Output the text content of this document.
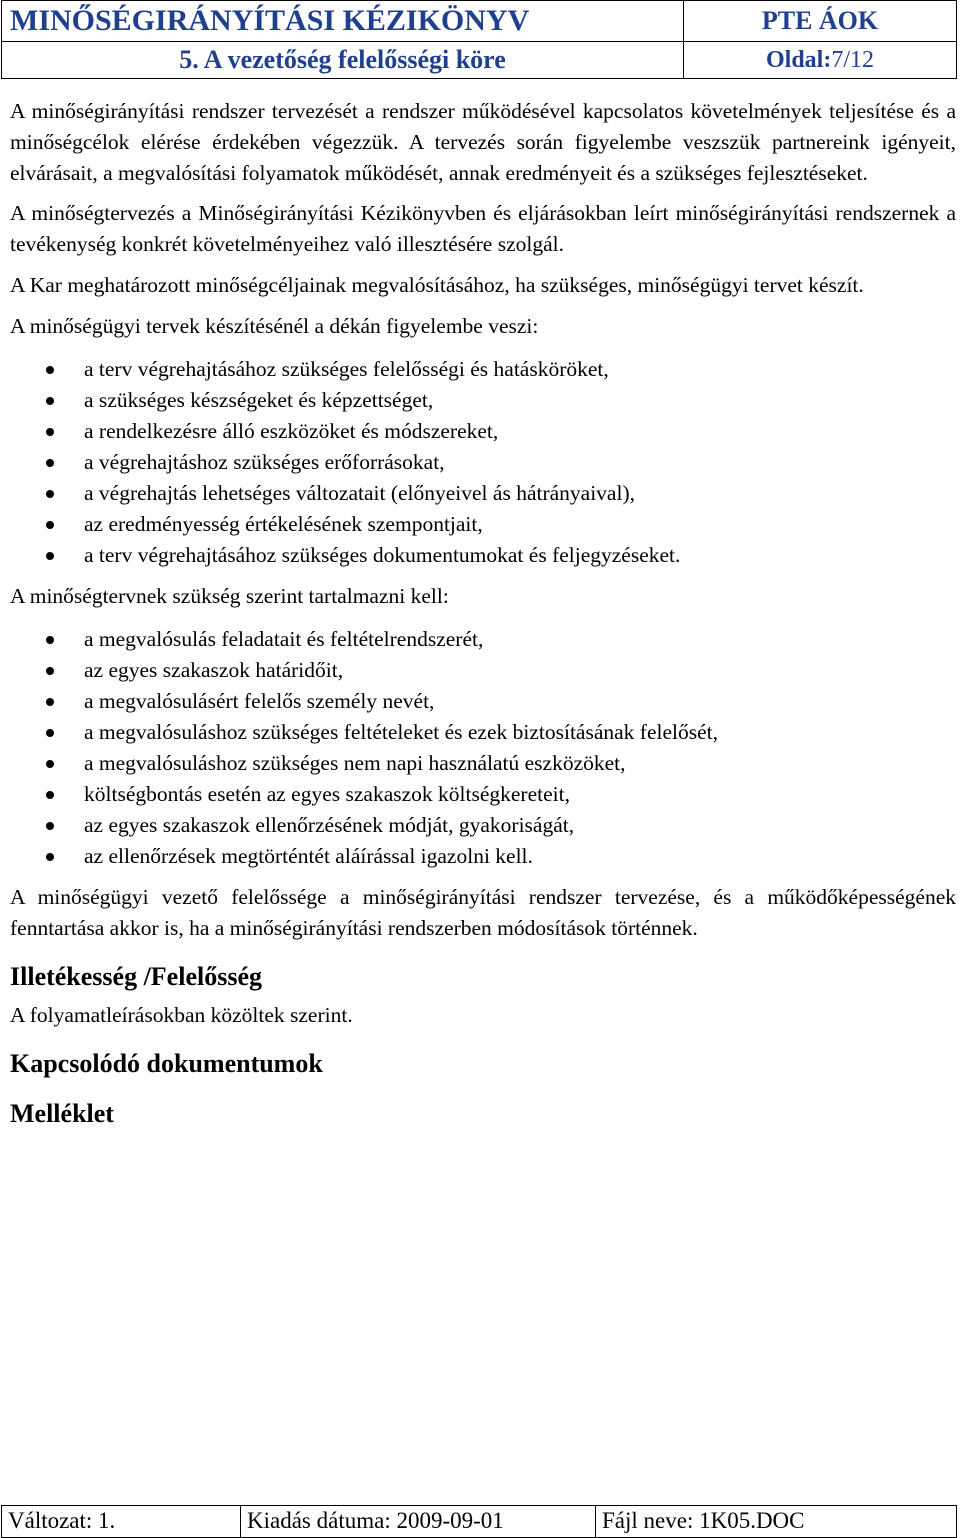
MINŐSÉGIRÁNYÍTÁSI KÉZIKÖNYV	PTE ÁOK
5. A vezetőség felelősségi köre	Oldal:7/12

A minőségirányítási rendszer tervezését a rendszer működésével kapcsolatos követelmények teljesítése és a minőségcélok elérése érdekében végezzük. A tervezés során figyelembe veszszük partnereink igényeit, elvárásait, a megvalósítási folyamatok működését, annak eredményeit és a szükséges fejlesztéseket.

A minőségtervezés a Minőségirányítási Kézikönyvben és eljárásokban leírt minőségirányítási rendszernek a tevékenység konkrét követelményeihez való illesztésére szolgál.

A Kar meghatározott minőségcéljainak megvalósításához, ha szükséges, minőségügyi tervet készít.

A minőségügyi tervek készítésénél a dékán figyelembe veszi:

a terv végrehajtásához szükséges felelősségi és hatásköröket,
a szükséges készségeket és képzettséget,
a rendelkezésre álló eszközöket és módszereket,
a végrehajtáshoz szükséges erőforrásokat,
a végrehajtás lehetséges változatait (előnyeivel ás hátrányaival),
az eredményesség értékelésének szempontjait,
a terv végrehajtásához szükséges dokumentumokat és feljegyzéseket.

A minőségtervnek szükség szerint tartalmazni kell:

a megvalósulás feladatait és feltételrendszerét,
az egyes szakaszok határidőit,
a megvalósulásért felelős személy nevét,
a megvalósuláshoz szükséges feltételeket és ezek biztosításának felelősét,
a megvalósuláshoz szükséges nem napi használatú eszközöket,
költségbontás esetén az egyes szakaszok költségkereteit,
az egyes szakaszok ellenőrzésének módját, gyakoriságát,
az ellenőrzések megtörténtét aláírással igazolni kell.

A minőségügyi vezető felelőssége a minőségirányítási rendszer tervezése, és a működőképességének fenntartása akkor is, ha a minőségirányítási rendszerben módosítások történnek.

Illetékesség /Felelősség

A folyamatleírásokban közöltek szerint.

Kapcsolódó dokumentumok
Melléklet
Változat: 1.	Kiadás dátuma: 2009-09-01	Fájl neve: 1K05.DOC
